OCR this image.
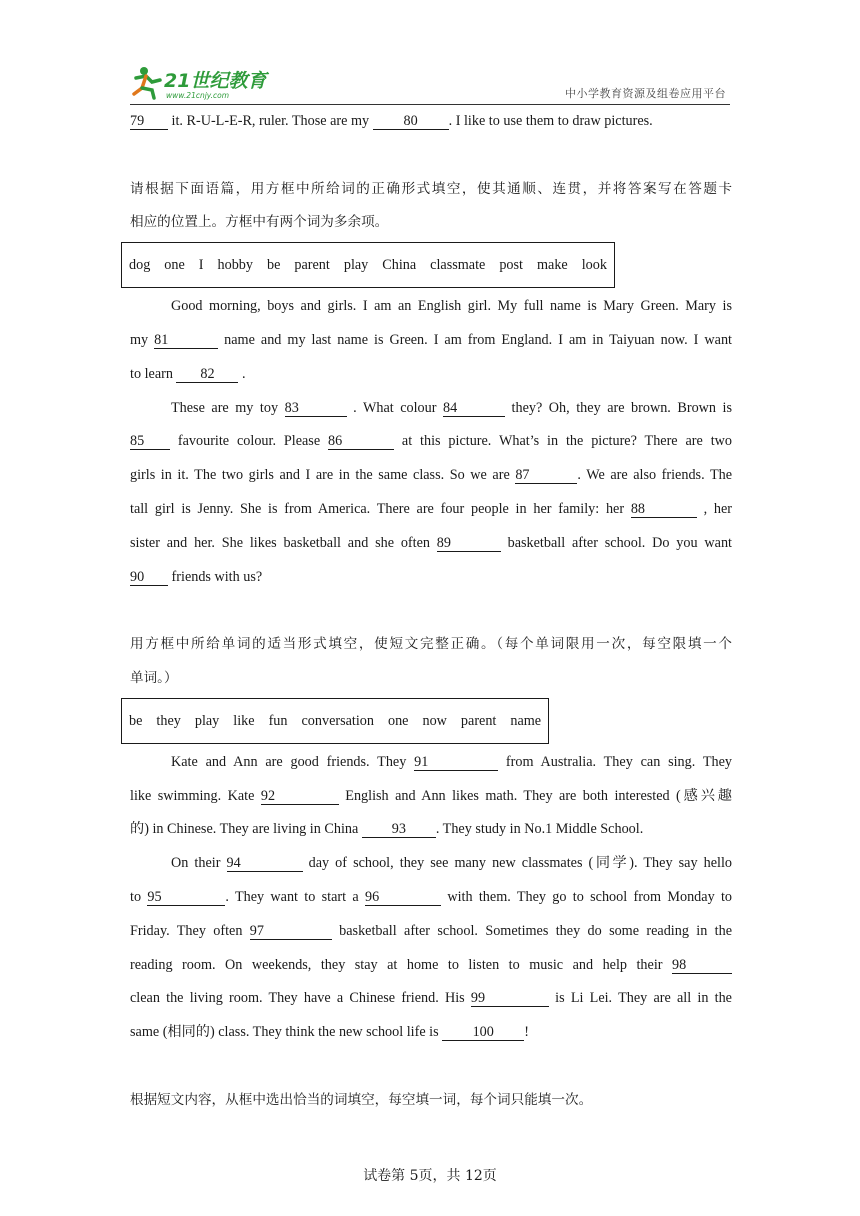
21世纪教育
www.21cnjy.com	中小学教育资源及组卷应用平台
79 it. R-U-L-E-R, ruler. Those are my 80 . I like to use them to draw pictures.
请根据下面语篇，用方框中所给词的正确形式填空，使其通顺、连贯，并将答案写在答题卡
相应的位置上。方框中有两个词为多余项。
dog one I hobby be parent play China classmate post make look
Good morning, boys and girls. I am an English girl. My full name is Mary Green. Mary is
my 81	name and my last name is Green. I am from England. I am in Taiyuan now. I want
to learn 82 .
These are my toy 83	. What colour 84	they? Oh, they are brown. Brown is
85 favourite colour. Please 86	at this picture. What’s in the picture? There are two
girls in it. The two girls and I are in the same class. So we are 87	. We are also friends. The
tall girl is Jenny. She is from America. There are four people in her family: her 88	, her
sister and her. She likes basketball and she often 89	basketball after school. Do you want
90 friends with us?
用方框中所给单词的适当形式填空，使短文完整正确。（每个单词限用一次，每空限填一个
单词。）
be they play like fun conversation one now parent name
Kate and Ann are good friends. They 91	from Australia. They can sing. They
like swimming. Kate 92	English and Ann likes math. They are both interested (感兴趣
的) in Chinese. They are living in China 93 . They study in No.1 Middle School.
On their 94	day of school, they see many new classmates (同学). They say hello
to 95	. They want to start a 96	with them. They go to school from Monday to
Friday. They often 97	basketball after school. Sometimes they do some reading in the
reading room. On weekends, they stay at home to listen to music and help their 98
clean the living room. They have a Chinese friend. His 99	is Li Lei. They are all in the
same (相同的) class. They think the new school life is 100 !
根据短文内容，从框中选出恰当的词填空，每空填一词，每个词只能填一次。
试卷第 5页，共 12页
